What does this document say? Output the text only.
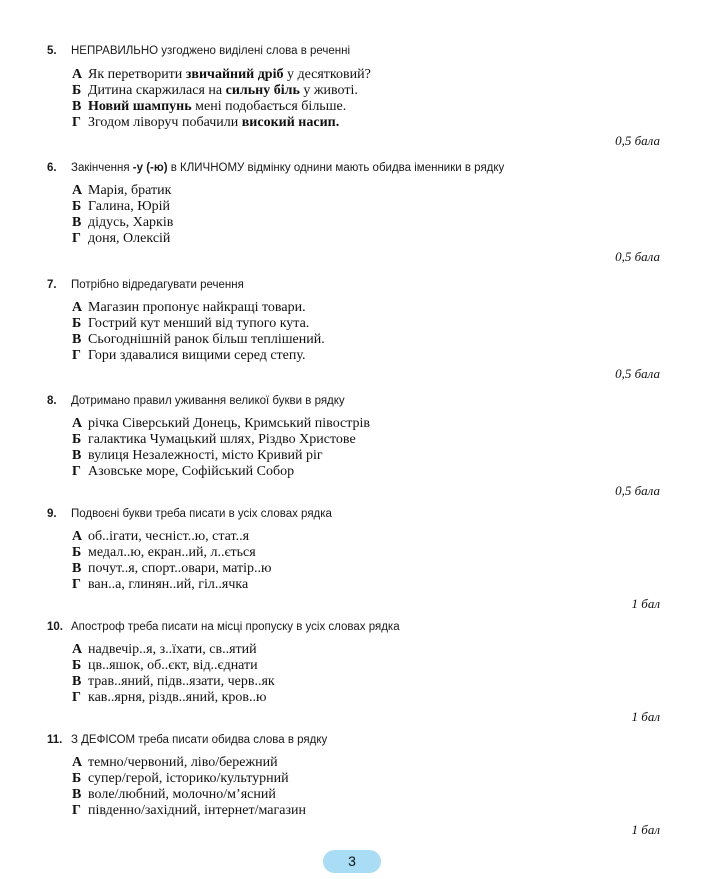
5. НЕПРАВИЛЬНО узгоджено виділені слова в реченні
А Як перетворити звичайний дріб у десятковий?
Б Дитина скаржилася на сильну біль у животі.
В Новий шампунь мені подобається більше.
Г Згодом ліворуч побачили високий насип.
0,5 бала
6. Закінчення -у (-ю) в КЛИЧНОМУ відмінку однини мають обидва іменники в рядку
А Марія, братик
Б Галина, Юрій
В дідусь, Харків
Г доня, Олексій
0,5 бала
7. Потрібно відредагувати речення
А Магазин пропонує найкращі товари.
Б Гострий кут менший від тупого кута.
В Сьогоднішній ранок більш теплішений.
Г Гори здавалися вищими серед степу.
0,5 бала
8. Дотримано правил уживання великої букви в рядку
А річка Сіверський Донець, Кримський півострів
Б галактика Чумацький шлях, Різдво Христове
В вулиця Незалежності, місто Кривий ріг
Г Азовське море, Софійський Собор
0,5 бала
9. Подвоєні букви треба писати в усіх словах рядка
А об..ігати, чесніст..ю, стат..я
Б медал..ю, екран..ий, л..ється
В почут..я, спорт..овари, матір..ю
Г ван..а, глинян..ий, гіл..ячка
1 бал
10. Апостроф треба писати на місці пропуску в усіх словах рядка
А надвечір..я, з..їхати, св..ятий
Б цв..яшок, об..єкт, від..єднати
В трав..яний, підв..язати, черв..як
Г кав..ярня, різдв..яний, кров..ю
1 бал
11. З ДЕФІСОМ треба писати обидва слова в рядку
А темно/червоний, ліво/бережний
Б супер/герой, історико/культурний
В воле/любний, молочно/м’ясний
Г південно/західний, інтернет/магазин
1 бал
3
